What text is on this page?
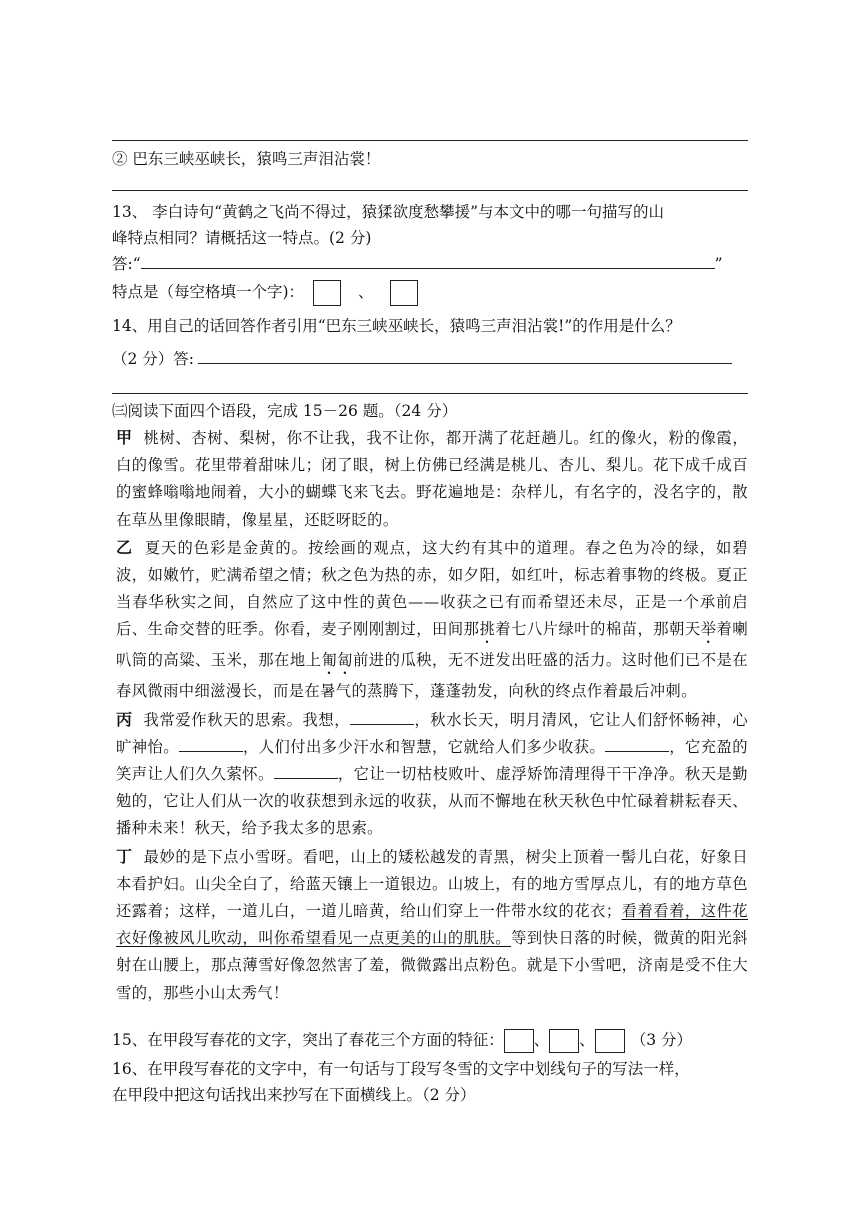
② 巴东三峡巫峡长，猿鸣三声泪沾裳！
13、 李白诗句“黄鹤之飞尚不得过，猿猱欲度愁攀援”与本文中的哪一句描写的山
峰特点相同？请概括这一特点。(2 分)
答:“	”
特点是（每空格填一个字)：	、
14、用自己的话回答作者引用“巴东三峡巫峡长，猿鸣三声泪沾裳!”的作用是什么？
（2 分）答:
㈢阅读下面四个语段，完成 15－26 题。（24 分）

甲 桃树、杏树、梨树，你不让我，我不让你，都开满了花赶趟儿。红的像火，粉的像霞，白的像雪。花里带着甜味儿；闭了眼，树上仿佛已经满是桃儿、杏儿、梨儿。花下成千成百的蜜蜂嗡嗡地闹着，大小的蝴蝶飞来飞去。野花遍地是：杂样儿，有名字的，没名字的，散在草丛里像眼睛，像星星，还眨呀眨的。

乙 夏天的色彩是金黄的。按绘画的观点，这大约有其中的道理。春之色为冷的绿，如碧波，如嫩竹，贮满希望之情；秋之色为热的赤，如夕阳，如红叶，标志着事物的终极。夏正当春华秋实之间，自然应了这中性的黄色——收获之已有而希望还未尽，正是一个承前启后、生命交替的旺季。你看，麦子刚刚割过，田间那挑着七八片绿叶的棉苗，那朝天举着喇叭筒的高粱、玉米，那在地上匍匐前进的瓜秧，无不迸发出旺盛的活力。这时他们已不是在春风微雨中细滋漫长，而是在暑气的蒸腾下，蓬蓬勃发，向秋的终点作着最后冲刺。

丙 我常爱作秋天的思索。我想，	，秋水长天，明月清风，它让人们舒怀畅神，心旷神怡。	，人们付出多少汗水和智慧，它就给人们多少收获。	，它充盈的笑声让人们久久萦怀。	，它让一切枯枝败叶、虚浮矫饰清理得干干净净。秋天是勤勉的，它让人们从一次的收获想到永远的收获，从而不懈地在秋天秋色中忙碌着耕耘春天、播种未来！秋天，给予我太多的思索。

丁 最妙的是下点小雪呀。看吧，山上的矮松越发的青黑，树尖上顶着一髻儿白花，好象日本看护妇。山尖全白了，给蓝天镶上一道银边。山坡上，有的地方雪厚点儿，有的地方草色还露着；这样，一道儿白，一道儿暗黄，给山们穿上一件带水纹的花衣；看着看着，这件花衣好像被风儿吹动，叫你希望看见一点更美的山的肌肤。等到快日落的时候，微黄的阳光斜射在山腰上，那点薄雪好像忽然害了羞，微微露出点粉色。就是下小雪吧，济南是受不住大雪的，那些小山太秀气！

15、在甲段写春花的文字，突出了春花三个方面的特征： 、 、 （3 分）
16、在甲段写春花的文字中，有一句话与丁段写冬雪的文字中划线句子的写法一样，
在甲段中把这句话找出来抄写在下面横线上。（2 分）
